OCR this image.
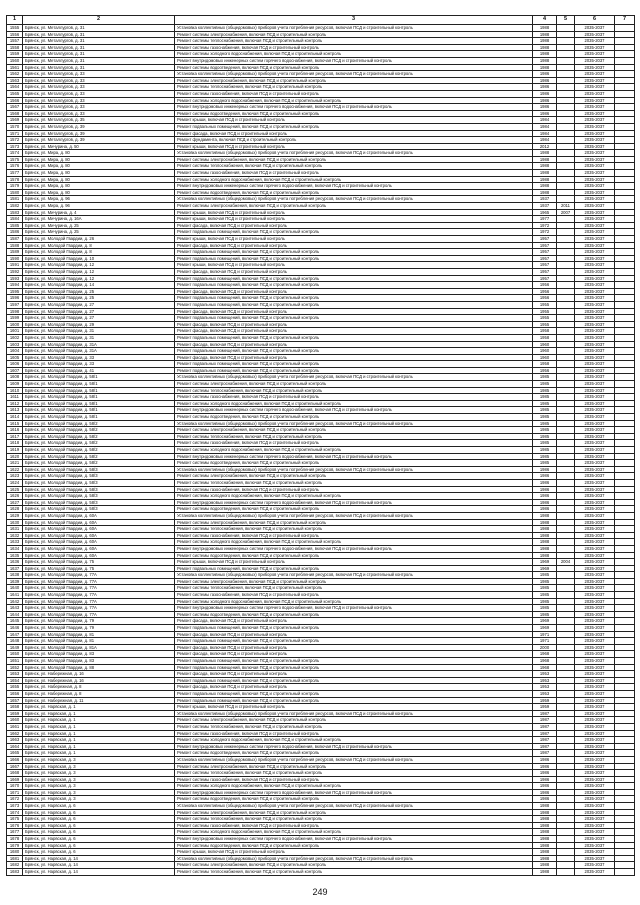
1	2	3	4	5	6	7
1555	Брянск, ул. Металлургов, д. 31	Установка коллективных (общедомовых) приборов учета потребления ресурсов, включая ПСД и строительный контроль	1988		2035-2037	
1556	Брянск, ул. Металлургов, д. 31	Ремонт системы электроснабжения, включая ПСД и строительный контроль	1988		2035-2037	
1557	Брянск, ул. Металлургов, д. 31	Ремонт системы теплоснабжения, включая ПСД и строительный контроль	1988		2035-2037	
1558	Брянск, ул. Металлургов, д. 31	Ремонт системы газоснабжения, включая ПСД и строительный контроль	1988		2035-2037	
1559	Брянск, ул. Металлургов, д. 31	Ремонт системы холодного водоснабжения, включая ПСД и строительный контроль	1988		2035-2037	
1560	Брянск, ул. Металлургов, д. 31	Ремонт внутридомовых инженерных систем горячего водоснабжения, включая ПСД и строительный контроль	1988		2035-2037	
1561	Брянск, ул. Металлургов, д. 31	Ремонт системы водоотведения, включая ПСД и строительный контроль	1988		2035-2037	
1562	Брянск, ул. Металлургов, д. 33	Установка коллективных (общедомовых) приборов учета потребления ресурсов, включая ПСД и строительный контроль	1986		2035-2037	
1563	Брянск, ул. Металлургов, д. 33	Ремонт системы электроснабжения, включая ПСД и строительный контроль	1986		2035-2037	
1564	Брянск, ул. Металлургов, д. 33	Ремонт системы теплоснабжения, включая ПСД и строительный контроль	1986		2035-2037	
1565	Брянск, ул. Металлургов, д. 33	Ремонт системы газоснабжения, включая ПСД и строительный контроль	1986		2035-2037	
1566	Брянск, ул. Металлургов, д. 33	Ремонт системы холодного водоснабжения, включая ПСД и строительный контроль	1986		2035-2037	
1567	Брянск, ул. Металлургов, д. 33	Ремонт внутридомовых инженерных систем горячего водоснабжения, включая ПСД и строительный контроль	1986		2035-2037	
1568	Брянск, ул. Металлургов, д. 33	Ремонт системы водоотведения, включая ПСД и строительный контроль	1986		2035-2037	
1569	Брянск, ул. Металлургов, д. 35	Ремонт крыши, включая ПСД и строительный контроль	1984		2035-2037	
1570	Брянск, ул. Металлургов, д. 39	Ремонт подвальных помещений, включая ПСД и строительный контроль	1984		2035-2037	
1571	Брянск, ул. Металлургов, д. 39	Ремонт фасада, включая ПСД и строительный контроль	1984		2035-2037	
1572	Брянск, ул. Металлургов, д. 39	Ремонт фундамента, включая ПСД и строительный контроль	1984		2035-2037	
1573	Брянск, ул. Мичурина, д. 50	Ремонт крыши, включая ПСД и строительный контроль	2012		2035-2037	
1574	Брянск, ул. Мира, д. 80	Установка коллективных (общедомовых) приборов учета потребления ресурсов, включая ПСД и строительный контроль	1988		2035-2037	
1575	Брянск, ул. Мира, д. 80	Ремонт системы электроснабжения, включая ПСД и строительный контроль	1988		2035-2037	
1576	Брянск, ул. Мира, д. 80	Ремонт системы теплоснабжения, включая ПСД и строительный контроль	1988		2035-2037	
1577	Брянск, ул. Мира, д. 80	Ремонт системы газоснабжения, включая ПСД и строительный контроль	1988		2035-2037	
1578	Брянск, ул. Мира, д. 80	Ремонт системы холодного водоснабжения, включая ПСД и строительный контроль	1988		2035-2037	
1579	Брянск, ул. Мира, д. 80	Ремонт внутридомовых инженерных систем горячего водоснабжения, включая ПСД и строительный контроль	1988		2035-2037	
1580	Брянск, ул. Мира, д. 80	Ремонт системы водоотведения, включая ПСД и строительный контроль	1988		2035-2037	
1581	Брянск, ул. Мира, д. 96	Установка коллективных (общедомовых) приборов учета потребления ресурсов, включая ПСД и строительный контроль	1937		2035-2037	
1582	Брянск, ул. Мира, д. 96	Ремонт системы электроснабжения, включая ПСД и строительный контроль	1937	2011	2035-2037	
1583	Брянск, ул. Мичурина, д. 4	Ремонт крыши, включая ПСД и строительный контроль	1965	2007	2035-2037	
1584	Брянск, ул. Мичурина, д. 16А	Ремонт крыши, включая ПСД и строительный контроль	1977		2035-2037	
1585	Брянск, ул. Мичурина, д. 25	Ремонт фасада, включая ПСД и строительный контроль	1972		2035-2037	
1586	Брянск, ул. Мичурина, д. 25	Ремонт подвальных помещений, включая ПСД и строительный контроль	1972		2035-2037	
1587	Брянск, ул. Молодой Гвардии, д. 26	Ремонт крыши, включая ПСД и строительный контроль	1957		2035-2037	
1588	Брянск, ул. Молодой Гвардии, д. 8	Ремонт фасада, включая ПСД и строительный контроль	1957		2035-2037	
1589	Брянск, ул. Молодой Гвардии, д. 8	Ремонт подвальных помещений, включая ПСД и строительный контроль	1957		2035-2037	
1590	Брянск, ул. Молодой Гвардии, д. 10	Ремонт подвальных помещений, включая ПСД и строительный контроль	1957		2035-2037	
1591	Брянск, ул. Молодой Гвардии, д. 12	Ремонт крыши, включая ПСД и строительный контроль	1957		2035-2037	
1592	Брянск, ул. Молодой Гвардии, д. 12	Ремонт фасада, включая ПСД и строительный контроль	1957		2035-2037	
1593	Брянск, ул. Молодой Гвардии, д. 12	Ремонт подвальных помещений, включая ПСД и строительный контроль	1957		2035-2037	
1594	Брянск, ул. Молодой Гвардии, д. 14	Ремонт подвальных помещений, включая ПСД и строительный контроль	1956		2035-2037	
1595	Брянск, ул. Молодой Гвардии, д. 25	Ремонт фасада, включая ПСД и строительный контроль	1956		2035-2037	
1596	Брянск, ул. Молодой Гвардии, д. 25	Ремонт подвальных помещений, включая ПСД и строительный контроль	1956		2035-2037	
1597	Брянск, ул. Молодой Гвардии, д. 27	Ремонт подвальных помещений, включая ПСД и строительный контроль	1955		2035-2037	
1598	Брянск, ул. Молодой Гвардии, д. 27	Ремонт фасада, включая ПСД и строительный контроль	1955		2035-2037	
1599	Брянск, ул. Молодой Гвардии, д. 27	Ремонт подвальных помещений, включая ПСД и строительный контроль	1955		2035-2037	
1600	Брянск, ул. Молодой Гвардии, д. 29	Ремонт фасада, включая ПСД и строительный контроль	1955		2035-2037	
1601	Брянск, ул. Молодой Гвардии, д. 31	Ремонт фасада, включая ПСД и строительный контроль	1958		2035-2037	
1602	Брянск, ул. Молодой Гвардии, д. 31	Ремонт подвальных помещений, включая ПСД и строительный контроль	1958		2035-2037	
1603	Брянск, ул. Молодой Гвардии, д. 31А	Ремонт фасада, включая ПСД и строительный контроль	1960		2035-2037	
1604	Брянск, ул. Молодой Гвардии, д. 31А	Ремонт подвальных помещений, включая ПСД и строительный контроль	1960		2035-2037	
1605	Брянск, ул. Молодой Гвардии, д. 33	Ремонт фасада, включая ПСД и строительный контроль	1960		2035-2037	
1606	Брянск, ул. Молодой Гвардии, д. 33	Ремонт подвальных помещений, включая ПСД и строительный контроль	1958		2035-2037	
1607	Брянск, ул. Молодой Гвардии, д. 41	Ремонт подвальных помещений, включая ПСД и строительный контроль	1956		2035-2037	
1608	Брянск, ул. Молодой Гвардии, д. 58/1	Установка коллективных (общедомовых) приборов учета потребления ресурсов, включая ПСД и строительный контроль	1985		2035-2037	
1609	Брянск, ул. Молодой Гвардии, д. 58/1	Ремонт системы электроснабжения, включая ПСД и строительный контроль	1985		2035-2037	
1610	Брянск, ул. Молодой Гвардии, д. 58/1	Ремонт системы теплоснабжения, включая ПСД и строительный контроль	1985		2035-2037	
1611	Брянск, ул. Молодой Гвардии, д. 58/1	Ремонт системы газоснабжения, включая ПСД и строительный контроль	1985		2035-2037	
1612	Брянск, ул. Молодой Гвардии, д. 58/1	Ремонт системы холодного водоснабжения, включая ПСД и строительный контроль	1985		2035-2037	
1613	Брянск, ул. Молодой Гвардии, д. 58/1	Ремонт внутридомовых инженерных систем горячего водоснабжения, включая ПСД и строительный контроль	1985		2035-2037	
1614	Брянск, ул. Молодой Гвардии, д. 58/1	Ремонт системы водоотведения, включая ПСД и строительный контроль	1985		2035-2037	
1615	Брянск, ул. Молодой Гвардии, д. 58/2	Установка коллективных (общедомовых) приборов учета потребления ресурсов, включая ПСД и строительный контроль	1985		2035-2037	
1616	Брянск, ул. Молодой Гвардии, д. 58/2	Ремонт системы электроснабжения, включая ПСД и строительный контроль	1985		2035-2037	
1617	Брянск, ул. Молодой Гвардии, д. 58/2	Ремонт системы теплоснабжения, включая ПСД и строительный контроль	1985		2035-2037	
1618	Брянск, ул. Молодой Гвардии, д. 58/2	Ремонт системы газоснабжения, включая ПСД и строительный контроль	1985		2035-2037	
1619	Брянск, ул. Молодой Гвардии, д. 58/2	Ремонт системы холодного водоснабжения, включая ПСД и строительный контроль	1985		2035-2037	
1620	Брянск, ул. Молодой Гвардии, д. 58/2	Ремонт внутридомовых инженерных систем горячего водоснабжения, включая ПСД и строительный контроль	1985		2035-2037	
1621	Брянск, ул. Молодой Гвардии, д. 58/2	Ремонт системы водоотведения, включая ПСД и строительный контроль	1985		2035-2037	
1622	Брянск, ул. Молодой Гвардии, д. 58/3	Установка коллективных (общедомовых) приборов учета потребления ресурсов, включая ПСД и строительный контроль	1986		2035-2037	
1623	Брянск, ул. Молодой Гвардии, д. 58/3	Ремонт системы электроснабжения, включая ПСД и строительный контроль	1986		2035-2037	
1624	Брянск, ул. Молодой Гвардии, д. 58/3	Ремонт системы теплоснабжения, включая ПСД и строительный контроль	1986		2035-2037	
1625	Брянск, ул. Молодой Гвардии, д. 58/3	Ремонт системы газоснабжения, включая ПСД и строительный контроль	1986		2035-2037	
1626	Брянск, ул. Молодой Гвардии, д. 58/3	Ремонт системы холодного водоснабжения, включая ПСД и строительный контроль	1986		2035-2037	
1627	Брянск, ул. Молодой Гвардии, д. 58/3	Ремонт внутридомовых инженерных систем горячего водоснабжения, включая ПСД и строительный контроль	1986		2035-2037	
1628	Брянск, ул. Молодой Гвардии, д. 58/3	Ремонт системы водоотведения, включая ПСД и строительный контроль	1986		2035-2037	
1629	Брянск, ул. Молодой Гвардии, д. 60А	Установка коллективных (общедомовых) приборов учета потребления ресурсов, включая ПСД и строительный контроль	1988		2035-2037	
1630	Брянск, ул. Молодой Гвардии, д. 60А	Ремонт системы электроснабжения, включая ПСД и строительный контроль	1988		2035-2037	
1631	Брянск, ул. Молодой Гвардии, д. 60А	Ремонт системы теплоснабжения, включая ПСД и строительный контроль	1988		2035-2037	
1632	Брянск, ул. Молодой Гвардии, д. 60А	Ремонт системы газоснабжения, включая ПСД и строительный контроль	1988		2035-2037	
1633	Брянск, ул. Молодой Гвардии, д. 60А	Ремонт системы холодного водоснабжения, включая ПСД и строительный контроль	1988		2035-2037	
1634	Брянск, ул. Молодой Гвардии, д. 60А	Ремонт внутридомовых инженерных систем горячего водоснабжения, включая ПСД и строительный контроль	1988		2035-2037	
1635	Брянск, ул. Молодой Гвардии, д. 60А	Ремонт системы водоотведения, включая ПСД и строительный контроль	1988		2035-2037	
1636	Брянск, ул. Молодой Гвардии, д. 75	Ремонт крыши, включая ПСД и строительный контроль	1969	2004	2035-2037	
1637	Брянск, ул. Молодой Гвардии, д. 75	Ремонт подвальных помещений, включая ПСД и строительный контроль	1969		2035-2037	
1638	Брянск, ул. Молодой Гвардии, д. 77А	Установка коллективных (общедомовых) приборов учета потребления ресурсов, включая ПСД и строительный контроль	1985		2035-2037	
1639	Брянск, ул. Молодой Гвардии, д. 77А	Ремонт системы электроснабжения, включая ПСД и строительный контроль	1985		2035-2037	
1640	Брянск, ул. Молодой Гвардии, д. 77А	Ремонт системы теплоснабжения, включая ПСД и строительный контроль	1985		2035-2037	
1641	Брянск, ул. Молодой Гвардии, д. 77А	Ремонт системы газоснабжения, включая ПСД и строительный контроль	1985		2035-2037	
1642	Брянск, ул. Молодой Гвардии, д. 77А	Ремонт системы холодного водоснабжения, включая ПСД и строительный контроль	1985		2035-2037	
1643	Брянск, ул. Молодой Гвардии, д. 77А	Ремонт внутридомовых инженерных систем горячего водоснабжения, включая ПСД и строительный контроль	1985		2035-2037	
1644	Брянск, ул. Молодой Гвардии, д. 77А	Ремонт системы водоотведения, включая ПСД и строительный контроль	1985		2035-2037	
1645	Брянск, ул. Молодой Гвардии, д. 79	Ремонт фасада, включая ПСД и строительный контроль	1969		2035-2037	
1646	Брянск, ул. Молодой Гвардии, д. 79	Ремонт подвальных помещений, включая ПСД и строительный контроль	1969		2035-2037	
1647	Брянск, ул. Молодой Гвардии, д. 81	Ремонт фасада, включая ПСД и строительный контроль	1971		2035-2037	
1648	Брянск, ул. Молодой Гвардии, д. 81	Ремонт подвальных помещений, включая ПСД и строительный контроль	1971		2035-2037	
1649	Брянск, ул. Молодой Гвардии, д. 81А	Ремонт фасада, включая ПСД и строительный контроль	2000		2035-2037	
1650	Брянск, ул. Молодой Гвардии, д. 83	Ремонт фасада, включая ПСД и строительный контроль	1968		2035-2037	
1651	Брянск, ул. Молодой Гвардии, д. 83	Ремонт подвальных помещений, включая ПСД и строительный контроль	1968		2035-2037	
1652	Брянск, ул. Молодой Гвардии, д. 88	Ремонт подвальных помещений, включая ПСД и строительный контроль	1968		2035-2037	
1653	Брянск, ул. Набережная, д. 16	Ремонт фасада, включая ПСД и строительный контроль	1953		2035-2037	
1654	Брянск, ул. Набережная, д. 16	Ремонт подвальных помещений, включая ПСД и строительный контроль	1953		2035-2037	
1655	Брянск, ул. Набережная, д. 8	Ремонт фасада, включая ПСД и строительный контроль	1953		2035-2037	
1656	Брянск, ул. Набережная, д. 8	Ремонт подвальных помещений, включая ПСД и строительный контроль	1953		2035-2037	
1657	Брянск, ул. Набережная, д. 11	Ремонт подвальных помещений, включая ПСД и строительный контроль	1959		2035-2037	
1658	Брянск, ул. Нарвская, д. 1	Ремонт крыши, включая ПСД и строительный контроль	1959		2035-2037	
1659	Брянск, ул. Нарвская, д. 1	Установка коллективных (общедомовых) приборов учета потребления ресурсов, включая ПСД и строительный контроль	1987		2035-2037	
1660	Брянск, ул. Нарвская, д. 1	Ремонт системы электроснабжения, включая ПСД и строительный контроль	1987		2035-2037	
1661	Брянск, ул. Нарвская, д. 1	Ремонт системы теплоснабжения, включая ПСД и строительный контроль	1987		2035-2037	
1662	Брянск, ул. Нарвская, д. 1	Ремонт системы газоснабжения, включая ПСД и строительный контроль	1987		2035-2037	
1663	Брянск, ул. Нарвская, д. 1	Ремонт системы холодного водоснабжения, включая ПСД и строительный контроль	1987		2035-2037	
1664	Брянск, ул. Нарвская, д. 1	Ремонт внутридомовых инженерных систем горячего водоснабжения, включая ПСД и строительный контроль	1987		2035-2037	
1665	Брянск, ул. Нарвская, д. 1	Ремонт системы водоотведения, включая ПСД и строительный контроль	1987		2035-2037	
1666	Брянск, ул. Нарвская, д. 3	Установка коллективных (общедомовых) приборов учета потребления ресурсов, включая ПСД и строительный контроль	1986		2035-2037	
1667	Брянск, ул. Нарвская, д. 3	Ремонт системы электроснабжения, включая ПСД и строительный контроль	1986		2035-2037	
1668	Брянск, ул. Нарвская, д. 3	Ремонт системы теплоснабжения, включая ПСД и строительный контроль	1986		2035-2037	
1669	Брянск, ул. Нарвская, д. 3	Ремонт системы газоснабжения, включая ПСД и строительный контроль	1986		2035-2037	
1670	Брянск, ул. Нарвская, д. 3	Ремонт системы холодного водоснабжения, включая ПСД и строительный контроль	1986		2035-2037	
1671	Брянск, ул. Нарвская, д. 3	Ремонт внутридомовых инженерных систем горячего водоснабжения, включая ПСД и строительный контроль	1986		2035-2037	
1672	Брянск, ул. Нарвская, д. 3	Ремонт системы водоотведения, включая ПСД и строительный контроль	1986		2035-2037	
1673	Брянск, ул. Нарвская, д. 6	Установка коллективных (общедомовых) приборов учета потребления ресурсов, включая ПСД и строительный контроль	1988		2035-2037	
1674	Брянск, ул. Нарвская, д. 6	Ремонт системы электроснабжения, включая ПСД и строительный контроль	1988		2035-2037	
1675	Брянск, ул. Нарвская, д. 6	Ремонт системы теплоснабжения, включая ПСД и строительный контроль	1988		2035-2037	
1676	Брянск, ул. Нарвская, д. 6	Ремонт системы газоснабжения, включая ПСД и строительный контроль	1988		2035-2037	
1677	Брянск, ул. Нарвская, д. 6	Ремонт системы холодного водоснабжения, включая ПСД и строительный контроль	1988		2035-2037	
1678	Брянск, ул. Нарвская, д. 6	Ремонт внутридомовых инженерных систем горячего водоснабжения, включая ПСД и строительный контроль	1988		2035-2037	
1679	Брянск, ул. Нарвская, д. 6	Ремонт системы водоотведения, включая ПСД и строительный контроль	1988		2035-2037	
1680	Брянск, ул. Нарвская, д. 6	Ремонт крыши, включая ПСД и строительный контроль	1988		2035-2037	
1681	Брянск, ул. Нарвская, д. 14	Установка коллективных (общедомовых) приборов учета потребления ресурсов, включая ПСД и строительный контроль	1988		2035-2037	
1682	Брянск, ул. Нарвская, д. 14	Ремонт системы электроснабжения, включая ПСД и строительный контроль	1988		2035-2037	
1683	Брянск, ул. Нарвская, д. 14	Ремонт системы теплоснабжения, включая ПСД и строительный контроль	1988		2035-2037	
249
